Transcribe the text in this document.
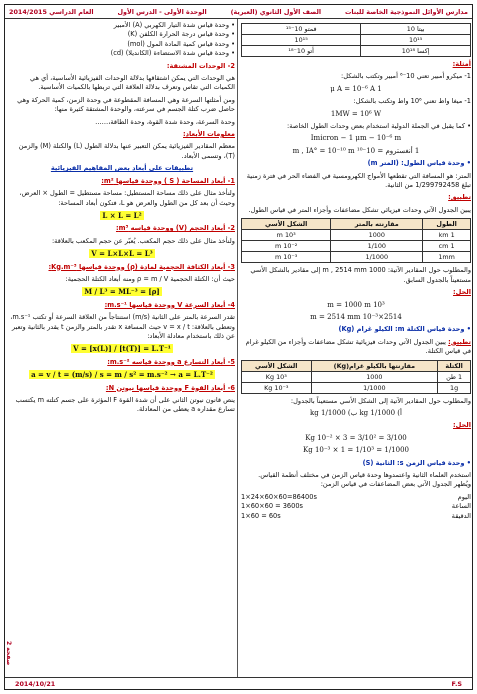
العام الدراسي 2014/2015	الوحدة الأولى - الدرس الأول	الصف الأول الثانوي (العبرية)	مدارس الأوائل النموذجية الخاصة للبنات
• وحدة قياس شدة التيار الكهربي (A) الأمبير
• وحدة قياس درجة الحرارة الكلفن (K)
• وحدة قياس كمية المادة المول (mol)
• وحدة قياس شدة الاستضاءة (الكانديلا) (cd)
2- الوحدات المشتقة:
هي الوحدات التي يمكن اشتقاقها بدلالة الوحدات الفيزيائية الأساسية، أي هي الكميات التي تقاس وتعرف بدلالة العلاقة التي تربطها بالكميات الأساسية.
ومن أمثلتها السرعة وهي المسافة المقطوعة في وحدة الزمن، كمية الحركة وهي حاصل ضرب كتلة الجسم في سرعته، والوحدة المشتقة كثيرة منها:
وحدة السرعة، وحدة شدة القوة، وحدة الطاقة،……
معلومات الأبعاد:
معظم المقادير الفيزيائية يمكن التعبير عنها بدلالة الطول (L) والكتلة (M) والزمن (T)، وتسمى الأبعاد.
تطبيقات على أبعاد بعض المفاهيم الفيزيائية
1- أبعاد المساحة ( S ) ووحدة قياسها m²:
ولنأخذ مثال على ذلك مساحة المستطيل: مساحة مستطيل = الطول × العرض، وحيث أن بعد كل من الطول والعرض هو L، فتكون أبعاد المساحة:
L × L = L²
2- أبعاد الحجم (V) ووحدة قياسه m³:
ولنأخذ مثال على ذلك حجم المكعب. يُعبّر عن حجم المكعب بالعلاقة:
V = L×L×L = L³
3- أبعاد الكثافة الحجمية لمادة (ρ) ووحدة قياسها Kg.m⁻³:
حيث أن: الكتلة الحجمية ρ = m / V ومنه أبعاد الكتلة الحجمية:
[ρ] = M / L³ = ML⁻³
4- أبعاد السرعة V ووحدة قياسها m.s⁻¹:
تقدر السرعة بالمتر على الثانية (m/s) استنتاجاً من العلاقة السرعة أو تكتب m.s⁻¹، وتعطى بالعلاقة: v = x / t حيث المسافة x تقدر بالمتر والزمن t يقدر بالثانية وتعبر عن ذلك باستخدام معادلة الأبعاد:
V = [x(L)] / [t(T)] = L.T⁻¹
5- أبعاد التسارع a ووحدة قياسه m.s⁻²:
a = v / t = (m/s) / s = m / s² = m.s⁻² → a = L.T⁻²
6- أبعاد القوة F ووحدة قياسها نيوتن N:
ينص قانون نيوتن الثاني على أن شدة القوة F المؤثرة على جسم كتلته m يكتسب تسارع مقداره a يعطى من المعادلة.
بيتا 10	فمتو 10⁻¹⁵
10¹⁵	10¹⁵
إكسا 10¹⁸	أتو 10⁻¹⁸
أمثلة:
1- ميكرو أمبير تعني 10⁻⁶ أمبير وتكتب بالشكل:
1 μ A = 10⁻⁶ A
1- ميغا واط تعني 10⁶ واط وتكتب بالشكل:
1MW = 10⁶ W
• كما يقبل في الجملة الدولية استخدام بعض وحدات الطول الخاصة:
Imicron − 1 μm − 10⁻⁶ m
1 أنغستروم = 10⁻¹⁰ m , IA° = 10⁻¹⁰ m
• وحدة قياس الطول: (المتر m)
المتر: هو المسافة التي تقطعها الأمواج الكهرومسية في الفضاء الحر في فترة زمنية تبلغ 1/299792458 من الثانية.
تطبيق:
يبين الجدول الآتي وحدات فيزيائي تشكل مضاعفات وأجزاء المتر في قياس الطول.
الطول	مقارنته بالمتر	الشكل الأسي
1 km	1000	10³ m
1 cm	1/100	10⁻² m
1mm	1/1000	10⁻³ m
والمطلوب حول المقادير الآتية: 1000 m , 2514 mm إلى مقادير بالشكل الأسي مستعيناً بالجدول السابق.
الحل:
10³ m = 1000 m
2514×10⁻³ m = 2514 mm
• وحدة قياس الكتلة m: الكيلو غرام (Kg)
تطبيق: يبين الجدول الآتي وحدات فيزيائية تشكل مضاعفات وأجزاء من الكيلو غرام في قياس الكتلة.
الكتلة	مقارنتها بالكيلو غرام(Kg)	الشكل الأسي
1 طن	1000	10³ Kg
1g	1/1000	10⁻³ Kg
والمطلوب حول المقادير الآتية إلى الشكل الأسي مستعيناً بالجدول:
أ) 1/1000 kg ب) 1/1000 kg
الحل:
3/100 = 3/10² = 3 × 10⁻² Kg
1/1000 = 1/10³ = 1 × 10⁻³ Kg
• وحدة قياس الزمن s: الثانية (S)
استخدم العلماء الثانية واعتمدوها وحدة قياس الزمن في مختلف أنظمة القياس. ويُظهر الجدول الآتي بعض المضاعفات في قياس الزمن:
اليوم
1×24×60×60=86400s
الساعة
1×60×60 = 3600s
الدقيقة
1×60 = 60s
صفحة 2
2014/10/21	F.S
